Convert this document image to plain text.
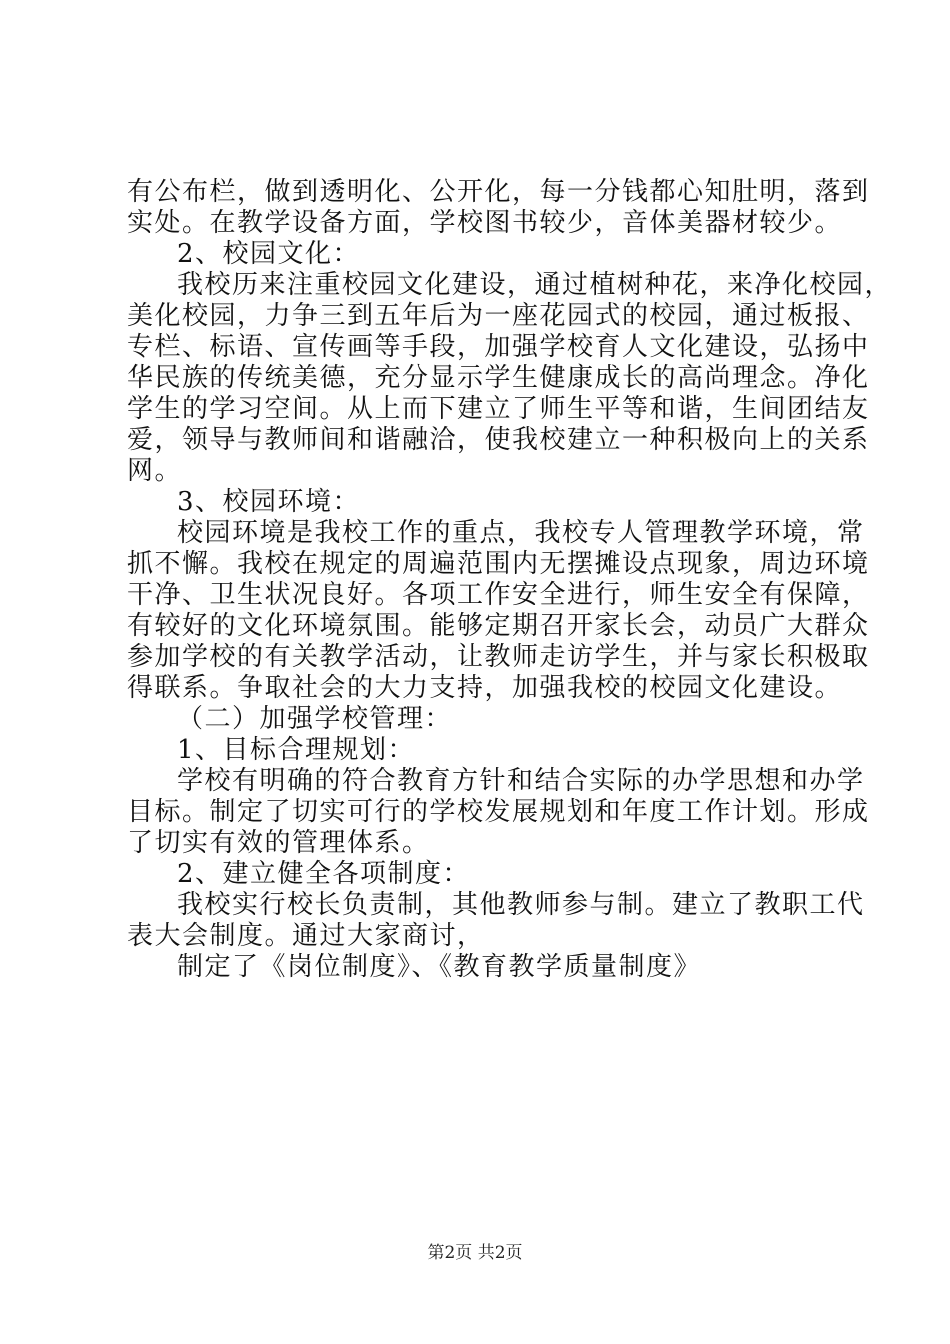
有公布栏，做到透明化、公开化，每一分钱都心知肚明，落到
实处。在教学设备方面，学校图书较少，音体美器材较少。
2、校园文化：
我校历来注重校园文化建设，通过植树种花，来净化校园，
美化校园，力争三到五年后为一座花园式的校园，通过板报、
专栏、标语、宣传画等手段，加强学校育人文化建设，弘扬中
华民族的传统美德，充分显示学生健康成长的高尚理念。净化
学生的学习空间。从上而下建立了师生平等和谐，生间团结友
爱，领导与教师间和谐融洽，使我校建立一种积极向上的关系
网。
3、校园环境：
校园环境是我校工作的重点，我校专人管理教学环境，常
抓不懈。我校在规定的周遍范围内无摆摊设点现象，周边环境
干净、卫生状况良好。各项工作安全进行，师生安全有保障，
有较好的文化环境氛围。能够定期召开家长会，动员广大群众
参加学校的有关教学活动，让教师走访学生，并与家长积极取
得联系。争取社会的大力支持，加强我校的校园文化建设。
（二）加强学校管理：
1、目标合理规划：
学校有明确的符合教育方针和结合实际的办学思想和办学
目标。制定了切实可行的学校发展规划和年度工作计划。形成
了切实有效的管理体系。
2、建立健全各项制度：
我校实行校长负责制，其他教师参与制。建立了教职工代
表大会制度。通过大家商讨，
制定了《岗位制度》、《教育教学质量制度》
第2页 共2页
